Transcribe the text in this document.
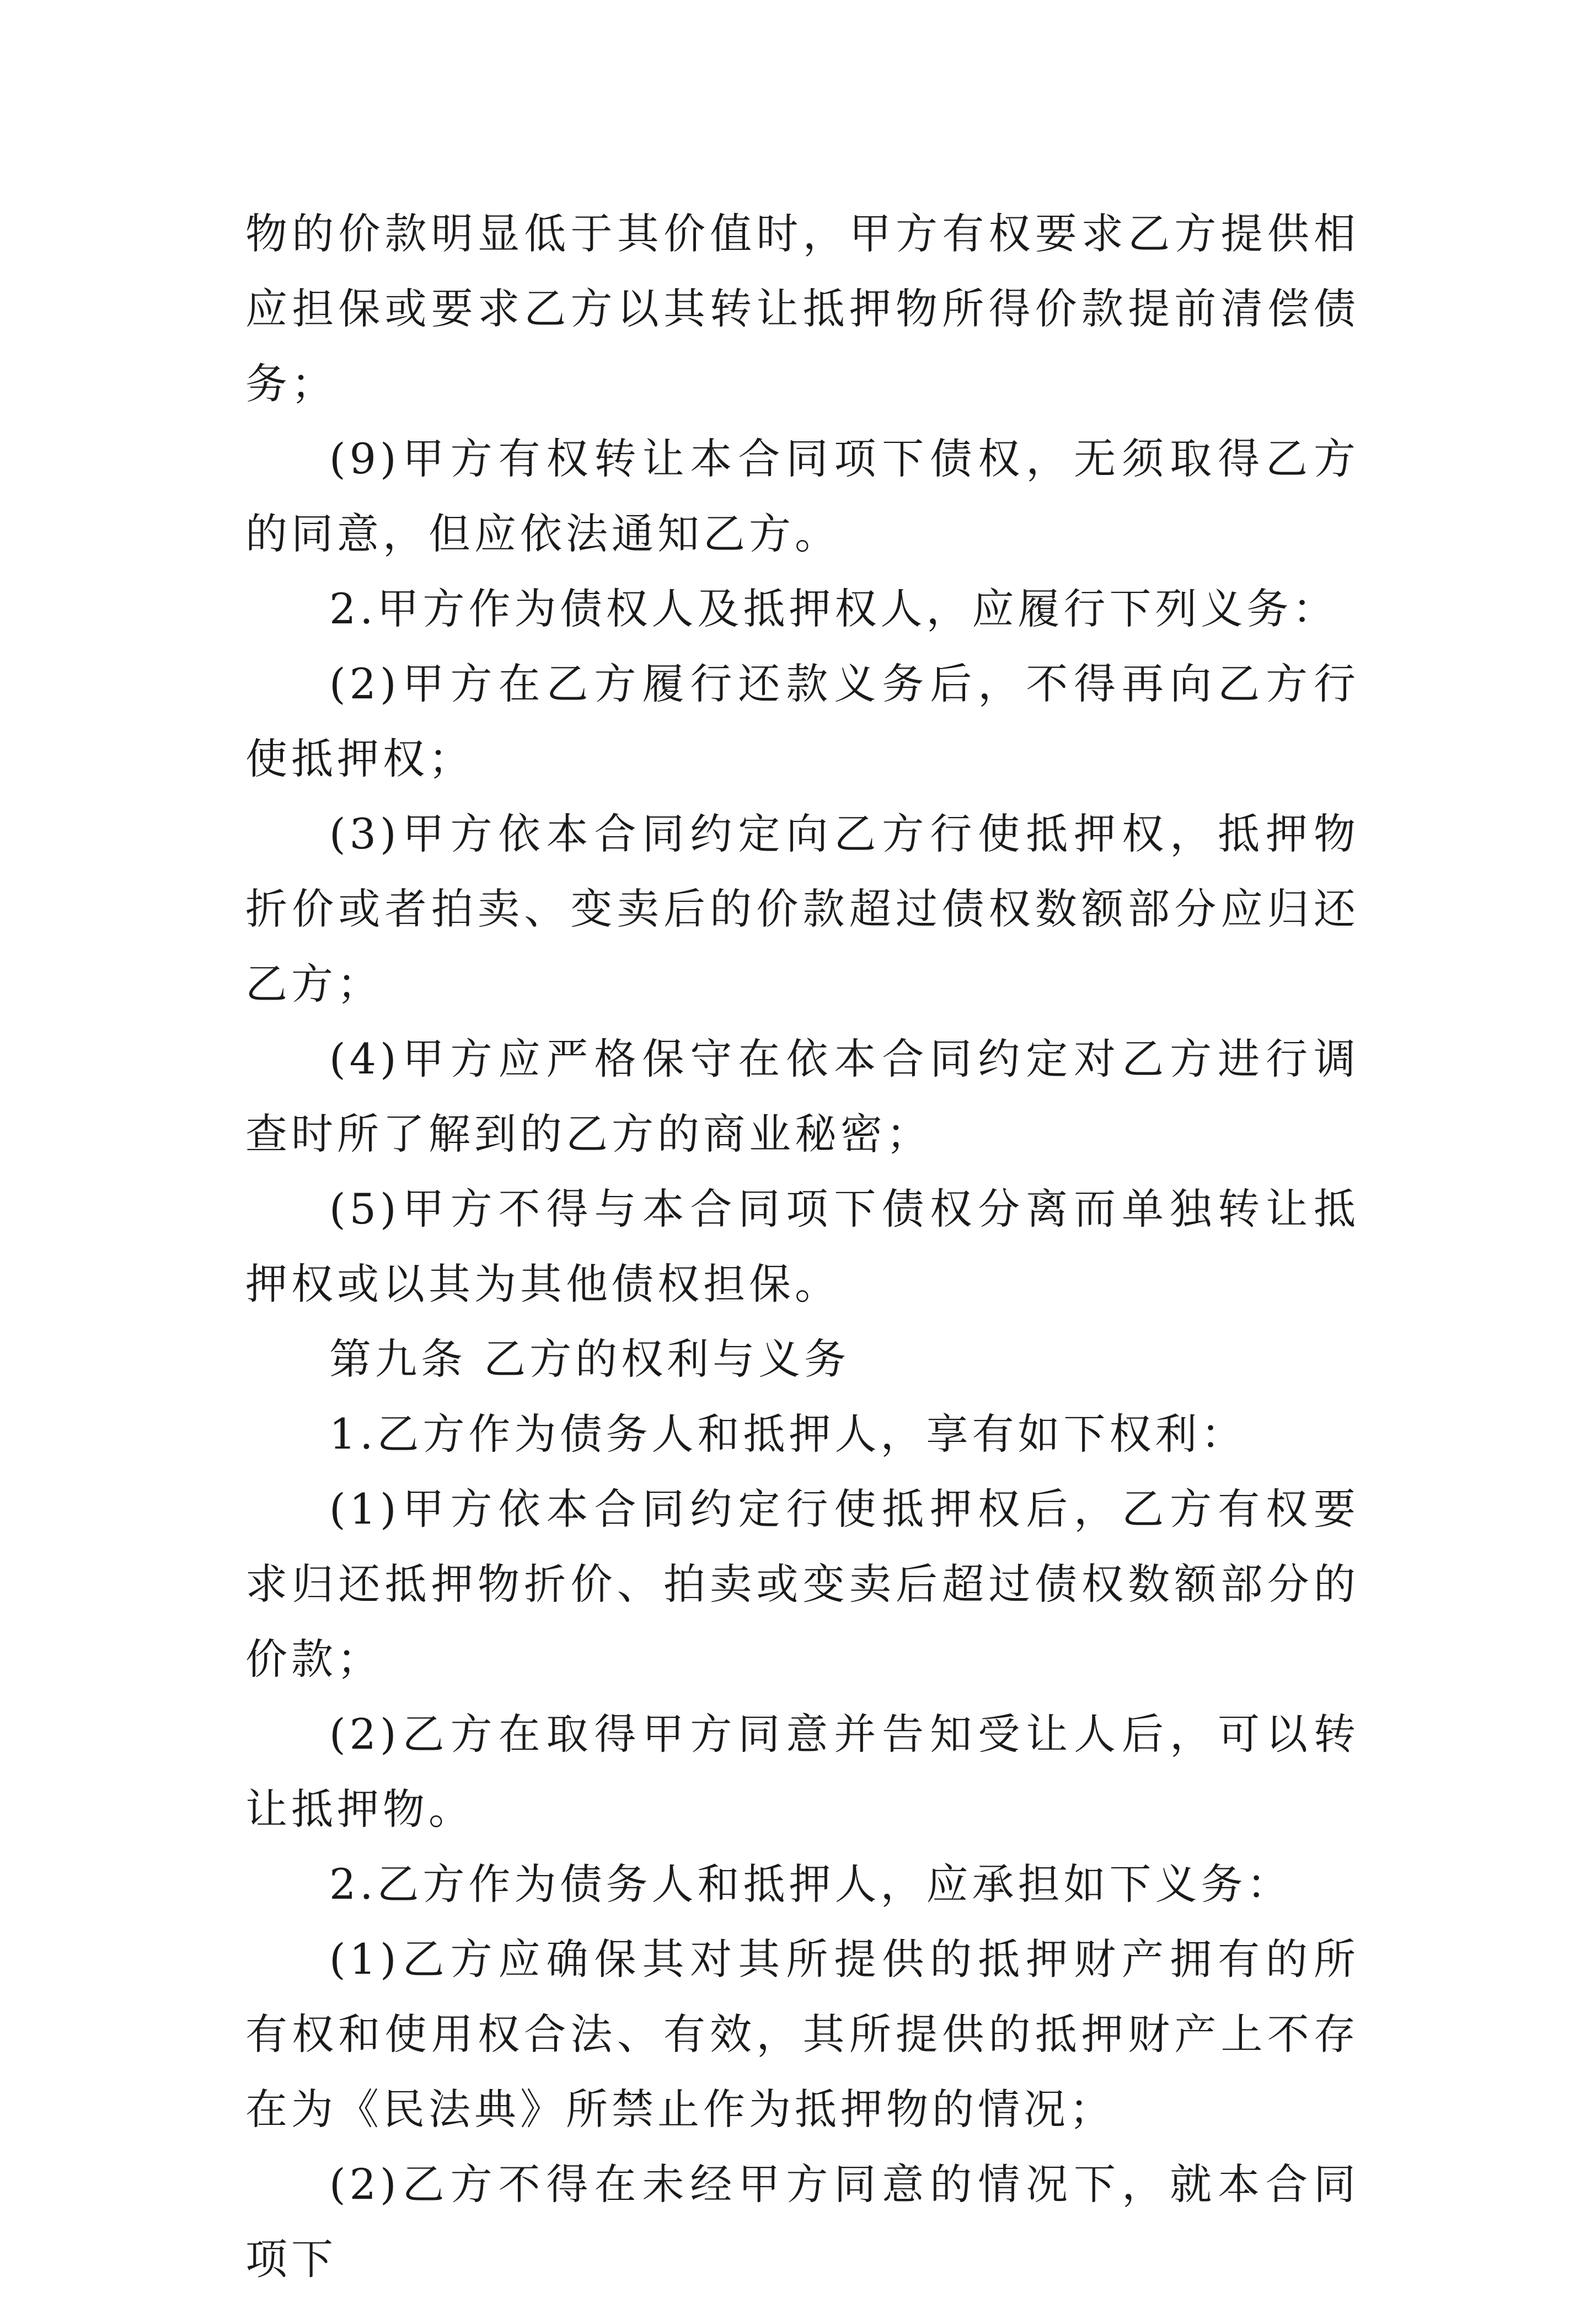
物的价款明显低于其价值时，甲方有权要求乙方提供相应担保或要求乙方以其转让抵押物所得价款提前清偿债务；

(9)甲方有权转让本合同项下债权，无须取得乙方的同意，但应依法通知乙方。

2.甲方作为债权人及抵押权人，应履行下列义务：

(2)甲方在乙方履行还款义务后，不得再向乙方行使抵押权；

(3)甲方依本合同约定向乙方行使抵押权，抵押物折价或者拍卖、变卖后的价款超过债权数额部分应归还乙方；

(4)甲方应严格保守在依本合同约定对乙方进行调查时所了解到的乙方的商业秘密；

(5)甲方不得与本合同项下债权分离而单独转让抵押权或以其为其他债权担保。

第九条 乙方的权利与义务

1.乙方作为债务人和抵押人，享有如下权利：

(1)甲方依本合同约定行使抵押权后，乙方有权要求归还抵押物折价、拍卖或变卖后超过债权数额部分的价款；

(2)乙方在取得甲方同意并告知受让人后，可以转让抵押物。

2.乙方作为债务人和抵押人，应承担如下义务：

(1)乙方应确保其对其所提供的抵押财产拥有的所有权和使用权合法、有效，其所提供的抵押财产上不存在为《民法典》所禁止作为抵押物的情况；

(2)乙方不得在未经甲方同意的情况下，就本合同项下
